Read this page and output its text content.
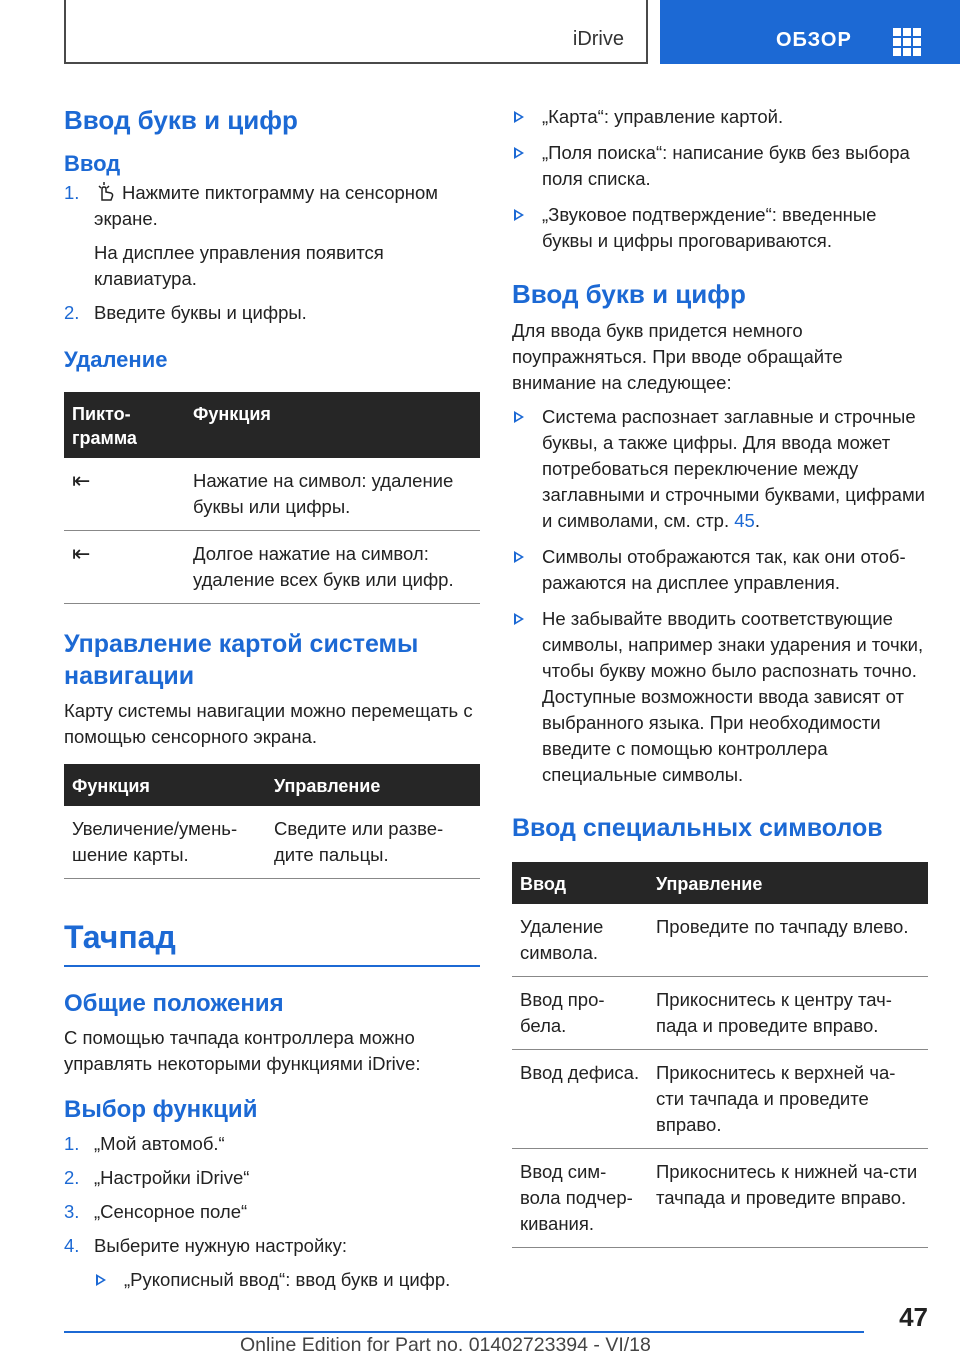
iDrive	ОБЗОР
Ввод букв и цифр
Ввод
1. Нажмите пиктограмму на сенсорном экране.

На дисплее управления появится клавиатура.

2. Введите буквы и цифры.
Удаление
Пикто-грамма	Функция
⇤	Нажатие на символ: удаление буквы или цифры.
⇤	Долгое нажатие на символ: удаление всех букв или цифр.
Управление картой системы навигации

Карту системы навигации можно перемещать с помощью сенсорного экрана.

Функция	Управление
Увеличение/умень-шение карты.	Сведите или разве-дите пальцы.
Тачпад
Общие положения

С помощью тачпада контроллера можно управлять некоторыми функциями iDrive:

Выбор функций
1. „Мой автомоб.“
2. „Настройки iDrive“
3. „Сенсорное поле“
4. Выберите нужную настройку:
„Рукописный ввод“: ввод букв и цифр.
„Карта“: управление картой.
„Поля поиска“: написание букв без выбора поля списка.
„Звуковое подтверждение“: введенные буквы и цифры проговариваются.
Ввод букв и цифр

Для ввода букв придется немного поупражняться. При вводе обращайте внимание на следующее:

Система распознает заглавные и строчные буквы, а также цифры. Для ввода может потребоваться переключение между заглавными и строчными буквами, цифрами и символами, см. стр. 45.
Символы отображаются так, как они отоб-ражаются на дисплее управления.
Не забывайте вводить соответствующие символы, например знаки ударения и точки, чтобы букву можно было распознать точно. Доступные возможности ввода зависят от выбранного языка. При необходимости введите с помощью контроллера специальные символы.
Ввод специальных символов
Ввод	Управление
Удаление символа.	Проведите по тачпаду влево.
Ввод про-бела.	Прикоснитесь к центру тач-пада и проведите вправо.
Ввод дефиса.	Прикоснитесь к верхней ча-сти тачпада и проведите вправо.
Ввод сим-вола подчер-кивания.	Прикоснитесь к нижней ча-сти тачпада и проведите вправо.
47
Online Edition for Part no. 01402723394 - VI/18
